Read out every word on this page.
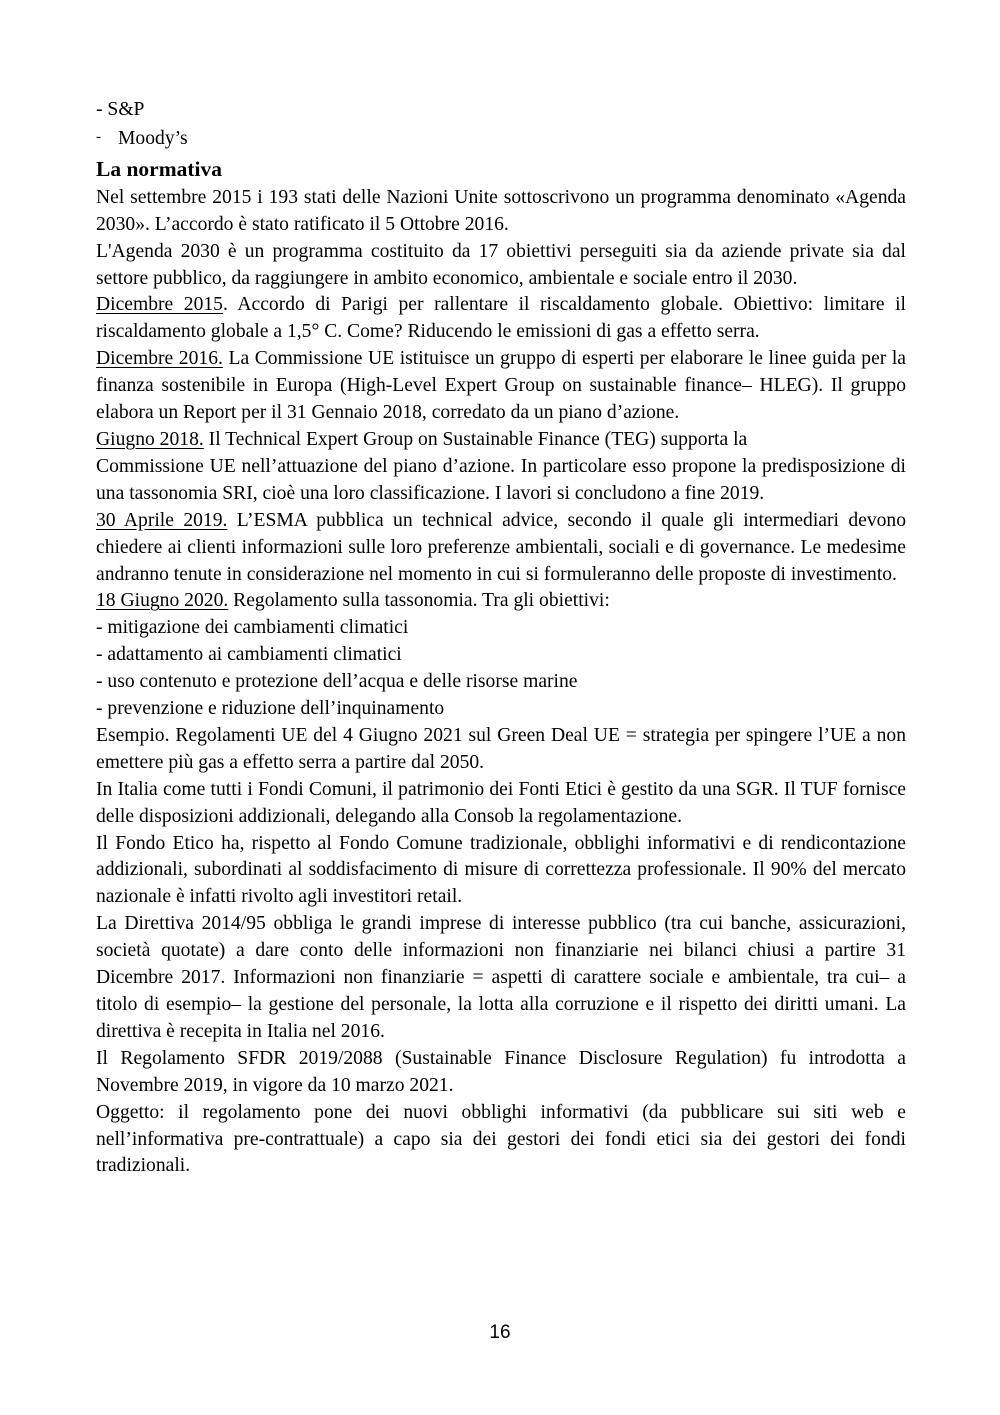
- S&P
- Moody’s
La normativa

Nel settembre 2015 i 193 stati delle Nazioni Unite sottoscrivono un programma denominato «Agenda 2030». L’accordo è stato ratificato il 5 Ottobre 2016.

L'Agenda 2030 è un programma costituito da 17 obiettivi perseguiti sia da aziende private sia dal settore pubblico, da raggiungere in ambito economico, ambientale e sociale entro il 2030.

Dicembre 2015. Accordo di Parigi per rallentare il riscaldamento globale. Obiettivo: limitare il riscaldamento globale a 1,5° C. Come? Riducendo le emissioni di gas a effetto serra.

Dicembre 2016. La Commissione UE istituisce un gruppo di esperti per elaborare le linee guida per la finanza sostenibile in Europa (High-Level Expert Group on sustainable finance– HLEG). Il gruppo elabora un Report per il 31 Gennaio 2018, corredato da un piano d’azione.

Giugno 2018. Il Technical Expert Group on Sustainable Finance (TEG) supporta la

Commissione UE nell’attuazione del piano d’azione. In particolare esso propone la predisposizione di una tassonomia SRI, cioè una loro classificazione. I lavori si concludono a fine 2019.

30 Aprile 2019. L’ESMA pubblica un technical advice, secondo il quale gli intermediari devono chiedere ai clienti informazioni sulle loro preferenze ambientali, sociali e di governance. Le medesime andranno tenute in considerazione nel momento in cui si formuleranno delle proposte di investimento.

18 Giugno 2020. Regolamento sulla tassonomia. Tra gli obiettivi:

- mitigazione dei cambiamenti climatici
- adattamento ai cambiamenti climatici
- uso contenuto e protezione dell’acqua e delle risorse marine
- prevenzione e riduzione dell’inquinamento

Esempio. Regolamenti UE del 4 Giugno 2021 sul Green Deal UE = strategia per spingere l’UE a non emettere più gas a effetto serra a partire dal 2050.

In Italia come tutti i Fondi Comuni, il patrimonio dei Fonti Etici è gestito da una SGR. Il TUF fornisce delle disposizioni addizionali, delegando alla Consob la regolamentazione.

Il Fondo Etico ha, rispetto al Fondo Comune tradizionale, obblighi informativi e di rendicontazione addizionali, subordinati al soddisfacimento di misure di correttezza professionale. Il 90% del mercato nazionale è infatti rivolto agli investitori retail.

La Direttiva 2014/95 obbliga le grandi imprese di interesse pubblico (tra cui banche, assicurazioni, società quotate) a dare conto delle informazioni non finanziarie nei bilanci chiusi a partire 31 Dicembre 2017. Informazioni non finanziarie = aspetti di carattere sociale e ambientale, tra cui– a titolo di esempio– la gestione del personale, la lotta alla corruzione e il rispetto dei diritti umani. La direttiva è recepita in Italia nel 2016.

Il Regolamento SFDR 2019/2088 (Sustainable Finance Disclosure Regulation) fu introdotta a Novembre 2019, in vigore da 10 marzo 2021.

Oggetto: il regolamento pone dei nuovi obblighi informativi (da pubblicare sui siti web e nell’informativa pre-contrattuale) a capo sia dei gestori dei fondi etici sia dei gestori dei fondi tradizionali.

16
